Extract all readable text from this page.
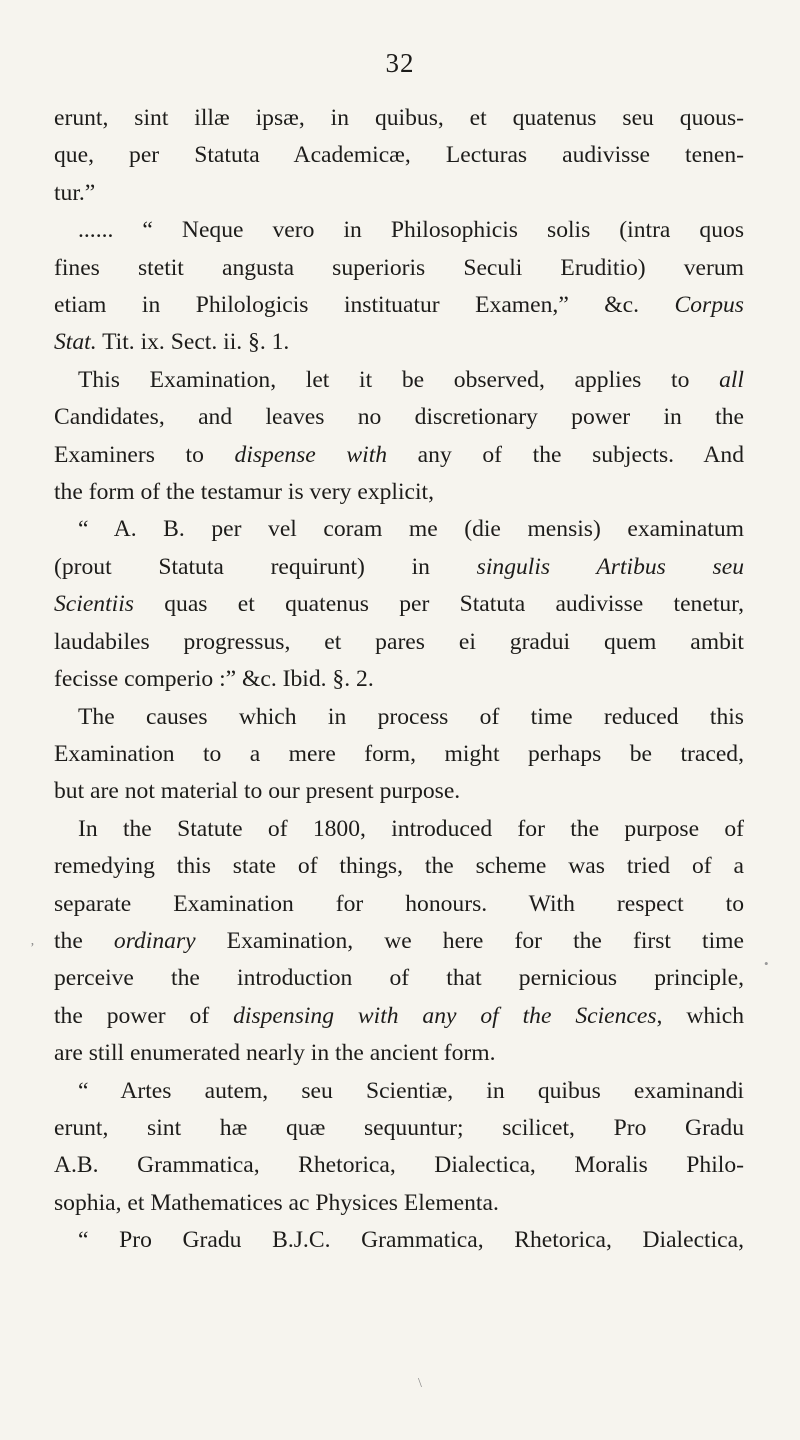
32
erunt, sint illæ ipsæ, in quibus, et quatenus seu quous-
que, per Statuta Academicæ, Lecturas audivisse tenen-
tur.”
...... “ Neque vero in Philosophicis solis (intra quos
fines stetit angusta superioris Seculi Eruditio) verum
etiam in Philologicis instituatur Examen,” &c. Corpus
Stat. Tit. ix. Sect. ii. §. 1.
This Examination, let it be observed, applies to all
Candidates, and leaves no discretionary power in the
Examiners to dispense with any of the subjects. And
the form of the testamur is very explicit,
“ A. B. per vel coram me (die mensis) examinatum
(prout Statuta requirunt) in singulis Artibus seu
Scientiis quas et quatenus per Statuta audivisse tenetur,
laudabiles progressus, et pares ei gradui quem ambit
fecisse comperio :” &c. Ibid. §. 2.
The causes which in process of time reduced this
Examination to a mere form, might perhaps be traced,
but are not material to our present purpose.
In the Statute of 1800, introduced for the purpose of
remedying this state of things, the scheme was tried of a
separate Examination for honours. With respect to
the ordinary Examination, we here for the first time
perceive the introduction of that pernicious principle,
the power of dispensing with any of the Sciences, which
are still enumerated nearly in the ancient form.
“ Artes autem, seu Scientiæ, in quibus examinandi
erunt, sint hæ quæ sequuntur; scilicet, Pro Gradu
A.B. Grammatica, Rhetorica, Dialectica, Moralis Philo-
sophia, et Mathematices ac Physices Elementa.
“ Pro Gradu B.J.C. Grammatica, Rhetorica, Dialectica,
’
•
\
